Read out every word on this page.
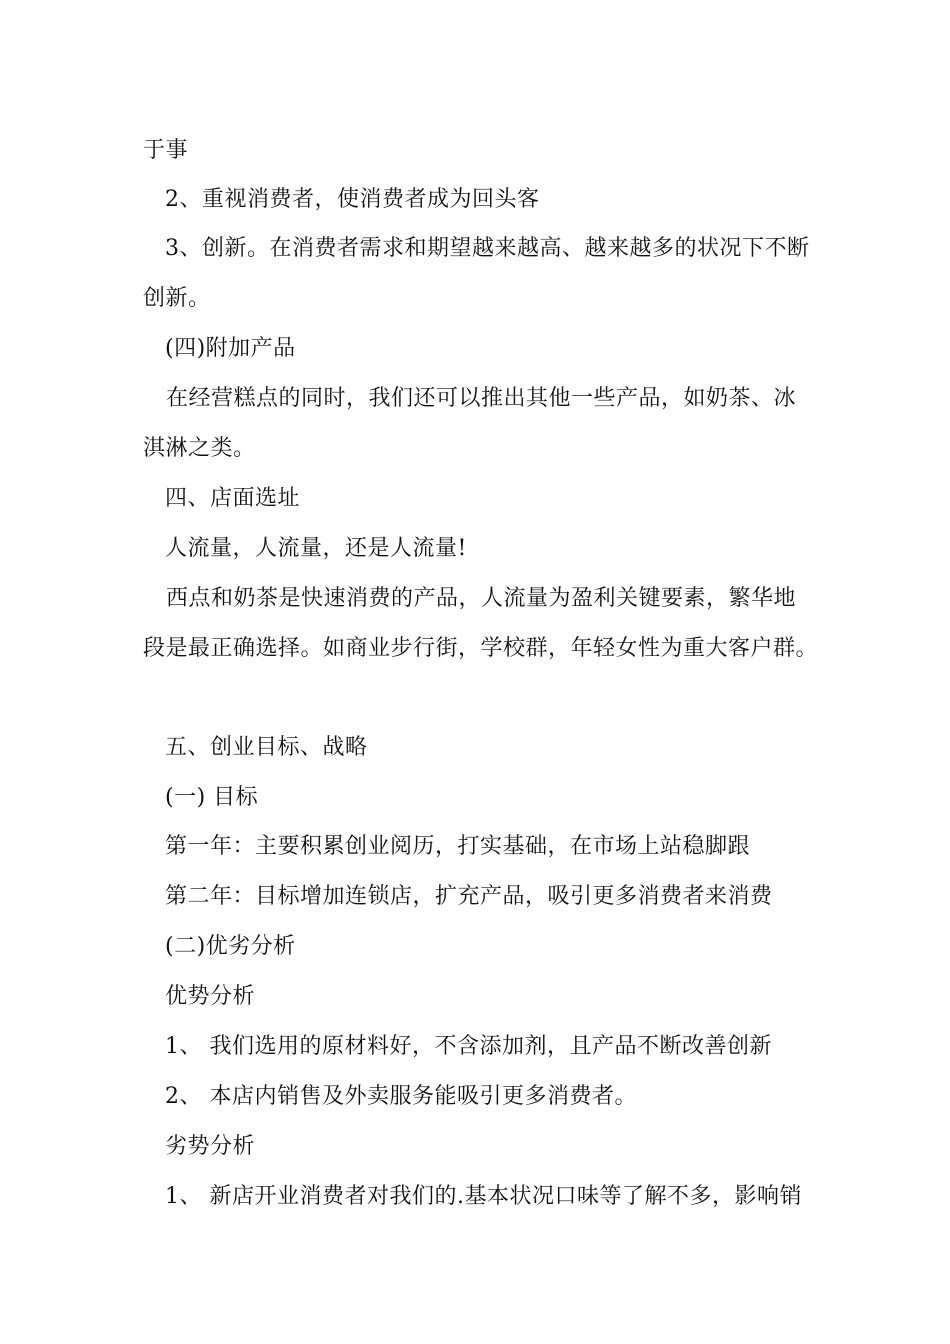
于事
2、重视消费者，使消费者成为回头客
3、创新。在消费者需求和期望越来越高、越来越多的状况下不断
创新。
(四)附加产品
在经营糕点的同时，我们还可以推出其他一些产品，如奶茶、冰
淇淋之类。
四、店面选址
人流量，人流量，还是人流量!
西点和奶茶是快速消费的产品，人流量为盈利关键要素，繁华地
段是最正确选择。如商业步行街，学校群，年轻女性为重大客户群。
五、创业目标、战略
(一) 目标
第一年：主要积累创业阅历，打实基础，在市场上站稳脚跟
第二年：目标增加连锁店，扩充产品，吸引更多消费者来消费
(二)优劣分析
优势分析
1、 我们选用的原材料好，不含添加剂，且产品不断改善创新
2、 本店内销售及外卖服务能吸引更多消费者。
劣势分析
1、 新店开业消费者对我们的.基本状况口味等了解不多，影响销
